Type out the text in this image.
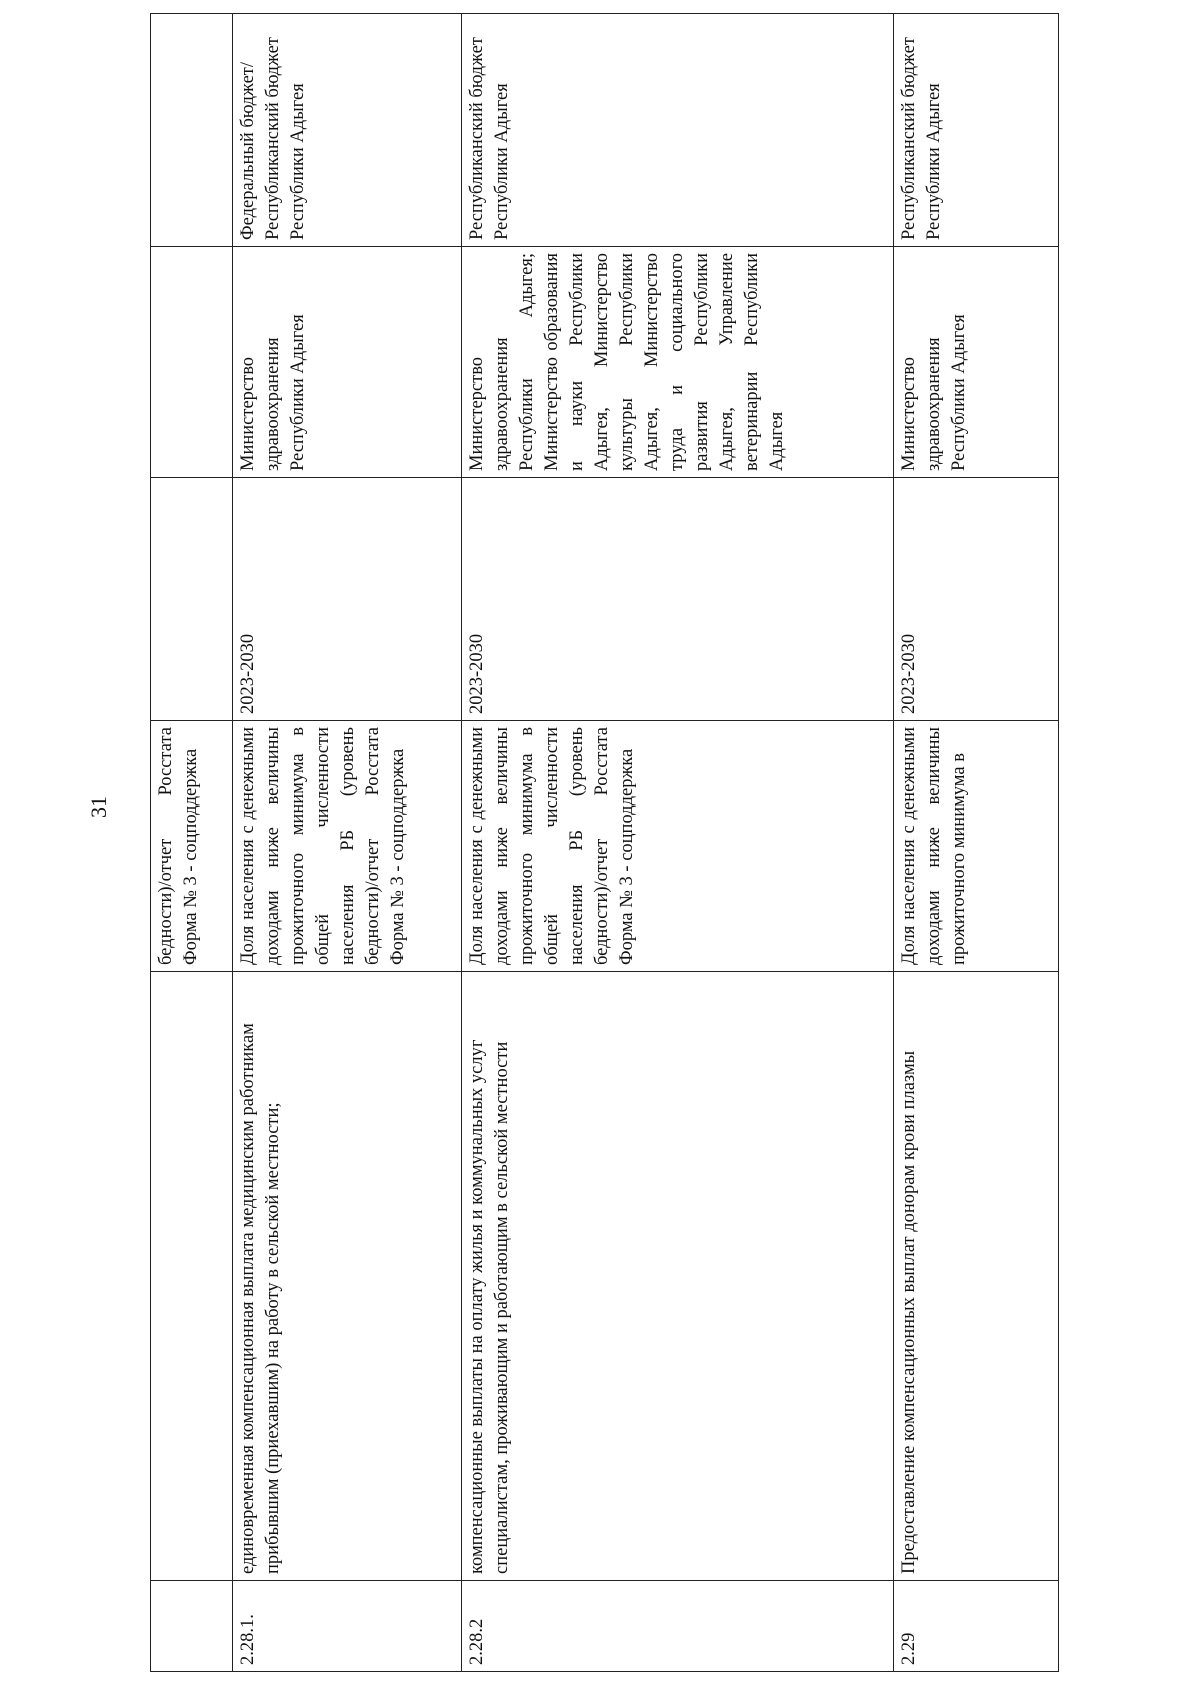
31
		бедности)/отчет Росстата Форма № 3 - соцподдержка			
2.28.1.	единовременная компенсационная выплата медицинским работникам прибывшим (приехавшим) на работу в сельской местности;	Доля населения с денежными доходами ниже величины прожиточного минимума в общей численности населения РБ (уровень бедности)/отчет Росстата Форма № 3 - соцподдержка	2023-2030	Министерство здравоохранения Республики Адыгея	Федеральный бюджет/Республиканский бюджет Республики Адыгея
2.28.2	компенсационные выплаты на оплату жилья и коммунальных услуг специалистам, проживающим и работающим в сельской местности	Доля населения с денежными доходами ниже величины прожиточного минимума в общей численности населения РБ (уровень бедности)/отчет Росстата Форма № 3 - соцподдержка	2023-2030	Министерство здравоохранения Республики Адыгея; Министерство образования и науки Республики Адыгея, Министерство культуры Республики Адыгея, Министерство труда и социального развития Республики Адыгея, Управление ветеринарии Республики Адыгея	Республиканский бюджет Республики Адыгея
2.29	Предоставление компенсационных выплат донорам крови плазмы	Доля населения с денежными доходами ниже величины прожиточного минимума в	2023-2030	Министерство здравоохранения Республики Адыгея	Республиканский бюджет Республики Адыгея
